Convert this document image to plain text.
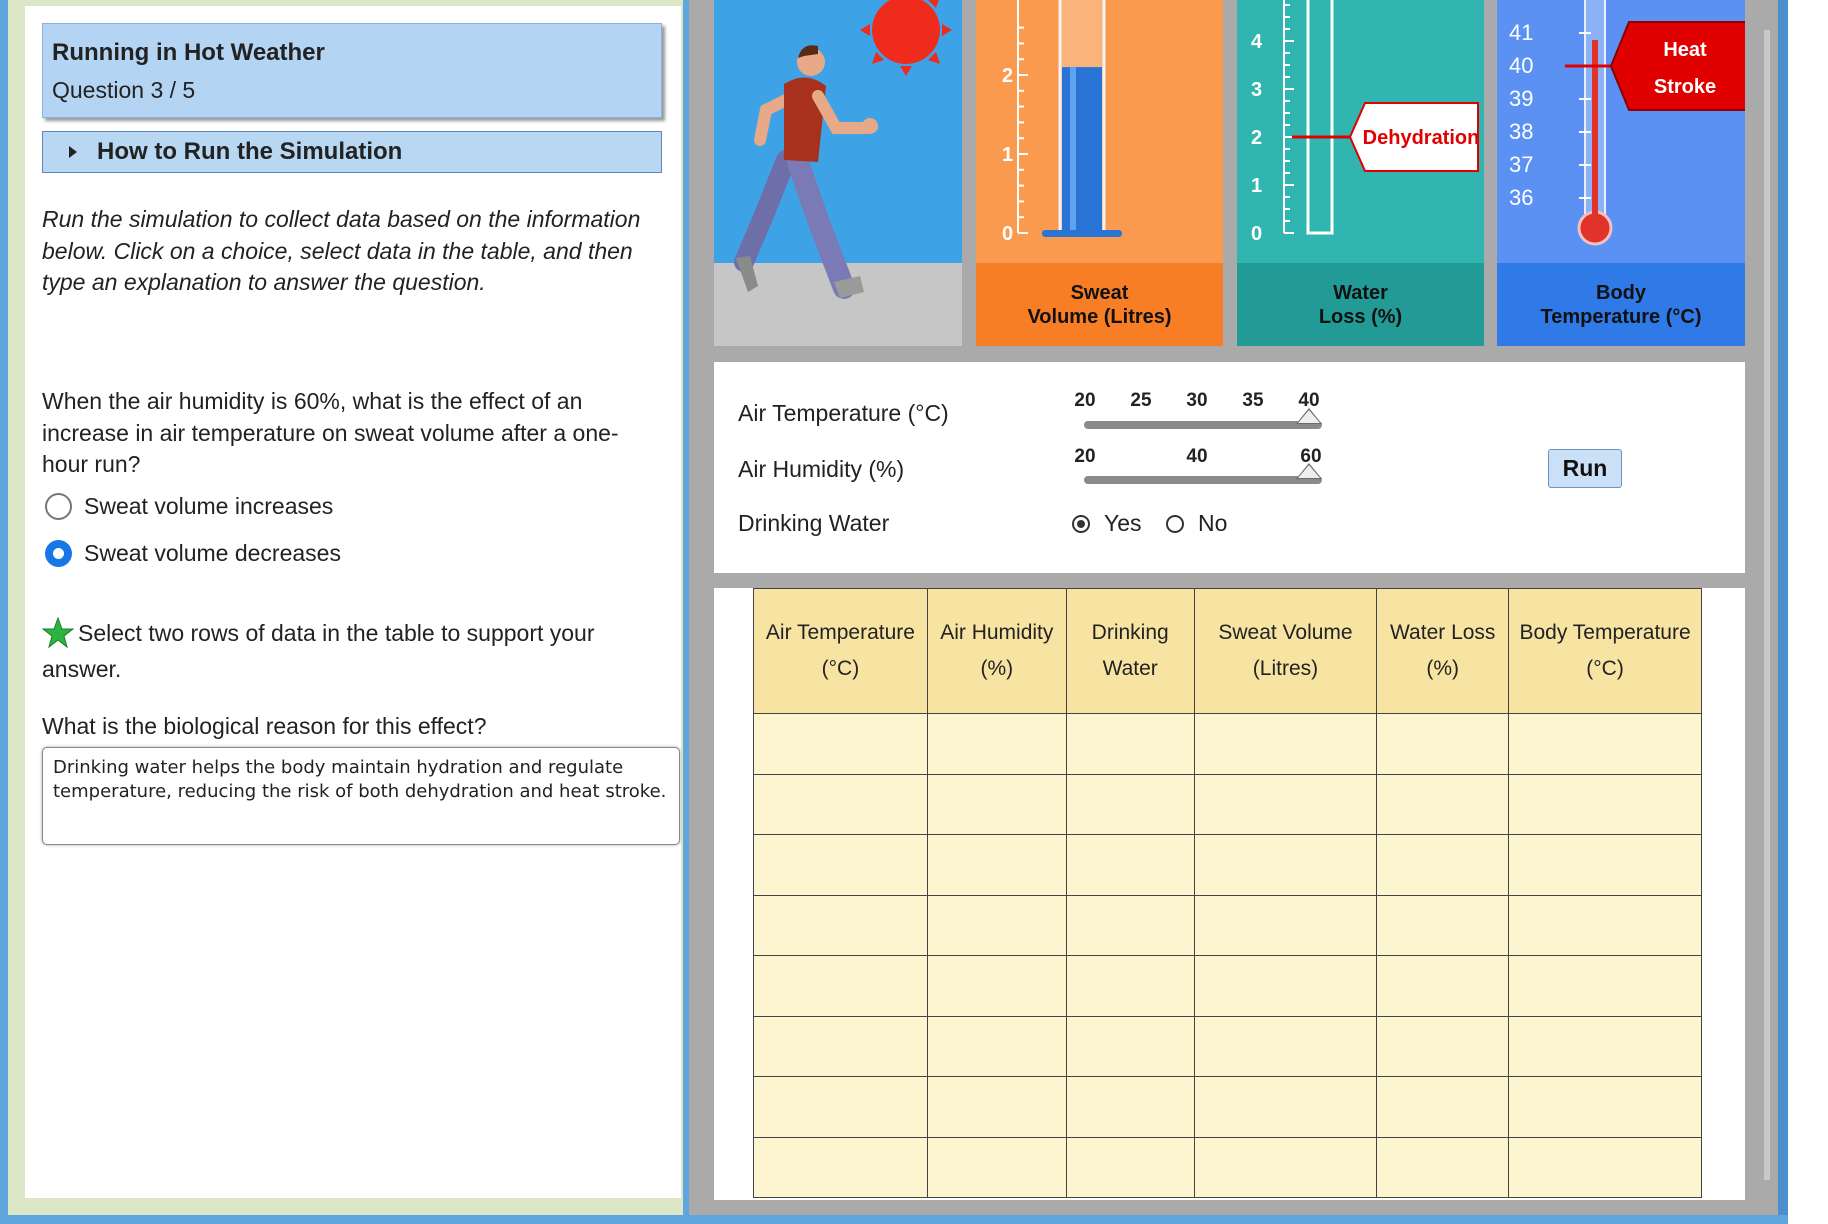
Running in Hot Weather
Question 3 / 5
How to Run the Simulation
Run the simulation to collect data based on the information below. Click on a choice, select data in the table, and then type an explanation to answer the question.
When the air humidity is 60%, what is the effect of an increase in air temperature on sweat volume after a one-hour run?
Sweat volume increases
Sweat volume decreases
Select two rows of data in the table to support your answer.
What is the biological reason for this effect?
Drinking water helps the body maintain hydration and regulate temperature, reducing the risk of both dehydration and heat stroke.
0
1
2
Sweat
Volume (Litres)
0
1
2
3
4
Dehydration
Water
Loss (%)
36
37
38
39
40
41
Heat
Stroke
Body
Temperature (°C)
Air Temperature (°C)
Air Humidity (%)
Drinking Water
20 25 30 35 40
20	40	60
Yes No
Run
Air Temperature (°C)	Air Humidity (%)	Drinking Water	Sweat Volume (Litres)	Water Loss (%)	Body Temperature (°C)
